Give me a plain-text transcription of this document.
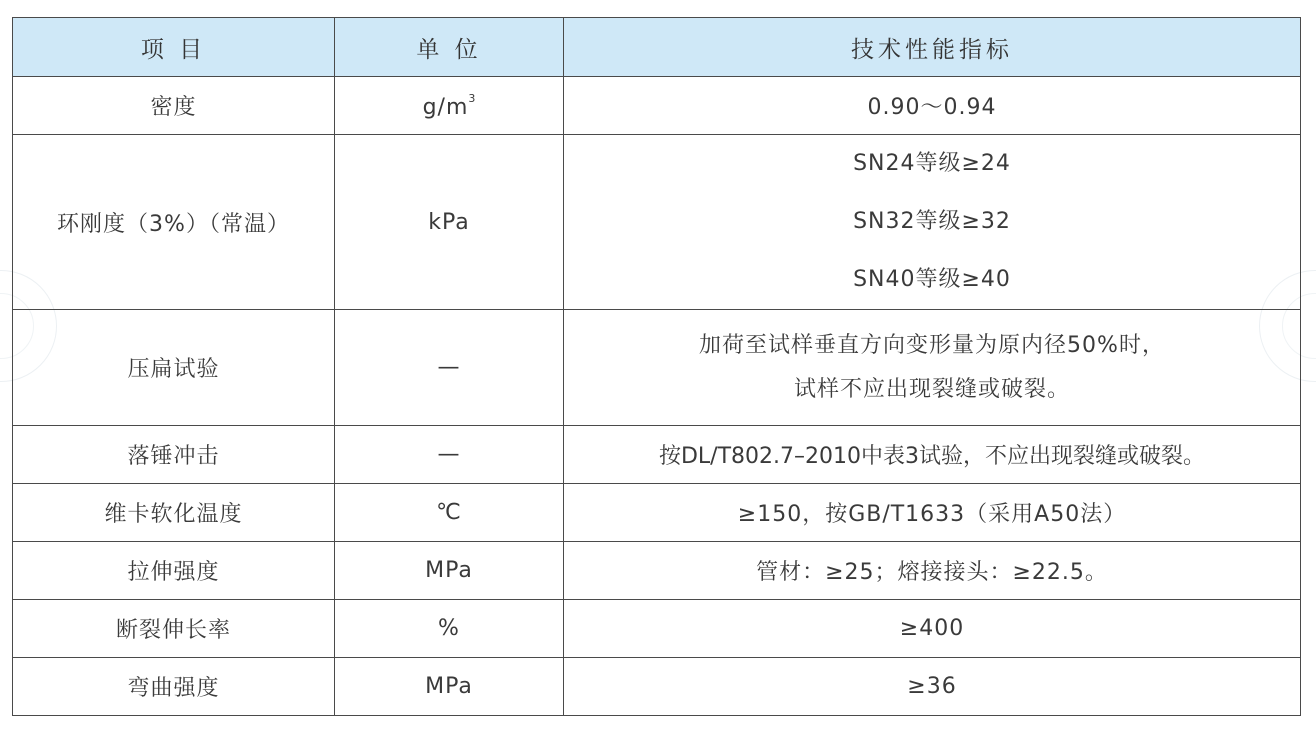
项 目	单 位	技术性能指标
密度	$g/m^3$	0.90～0.94
环刚度（3%）（常温）	kPa	SN24等级≥24
SN32等级≥32
SN40等级≥40

压扁试验	—	加荷至试样垂直方向变形量为原内径50%时，
试样不应出现裂缝或破裂。

落锤冲击	—	按DL/T802.7–2010中表3试验，不应出现裂缝或破裂。
维卡软化温度	℃	≥150，按GB/T1633（采用A50法）
拉伸强度	MPa	管材：≥25；熔接接头：≥22.5。
断裂伸长率	%	≥400
弯曲强度	MPa	≥36
